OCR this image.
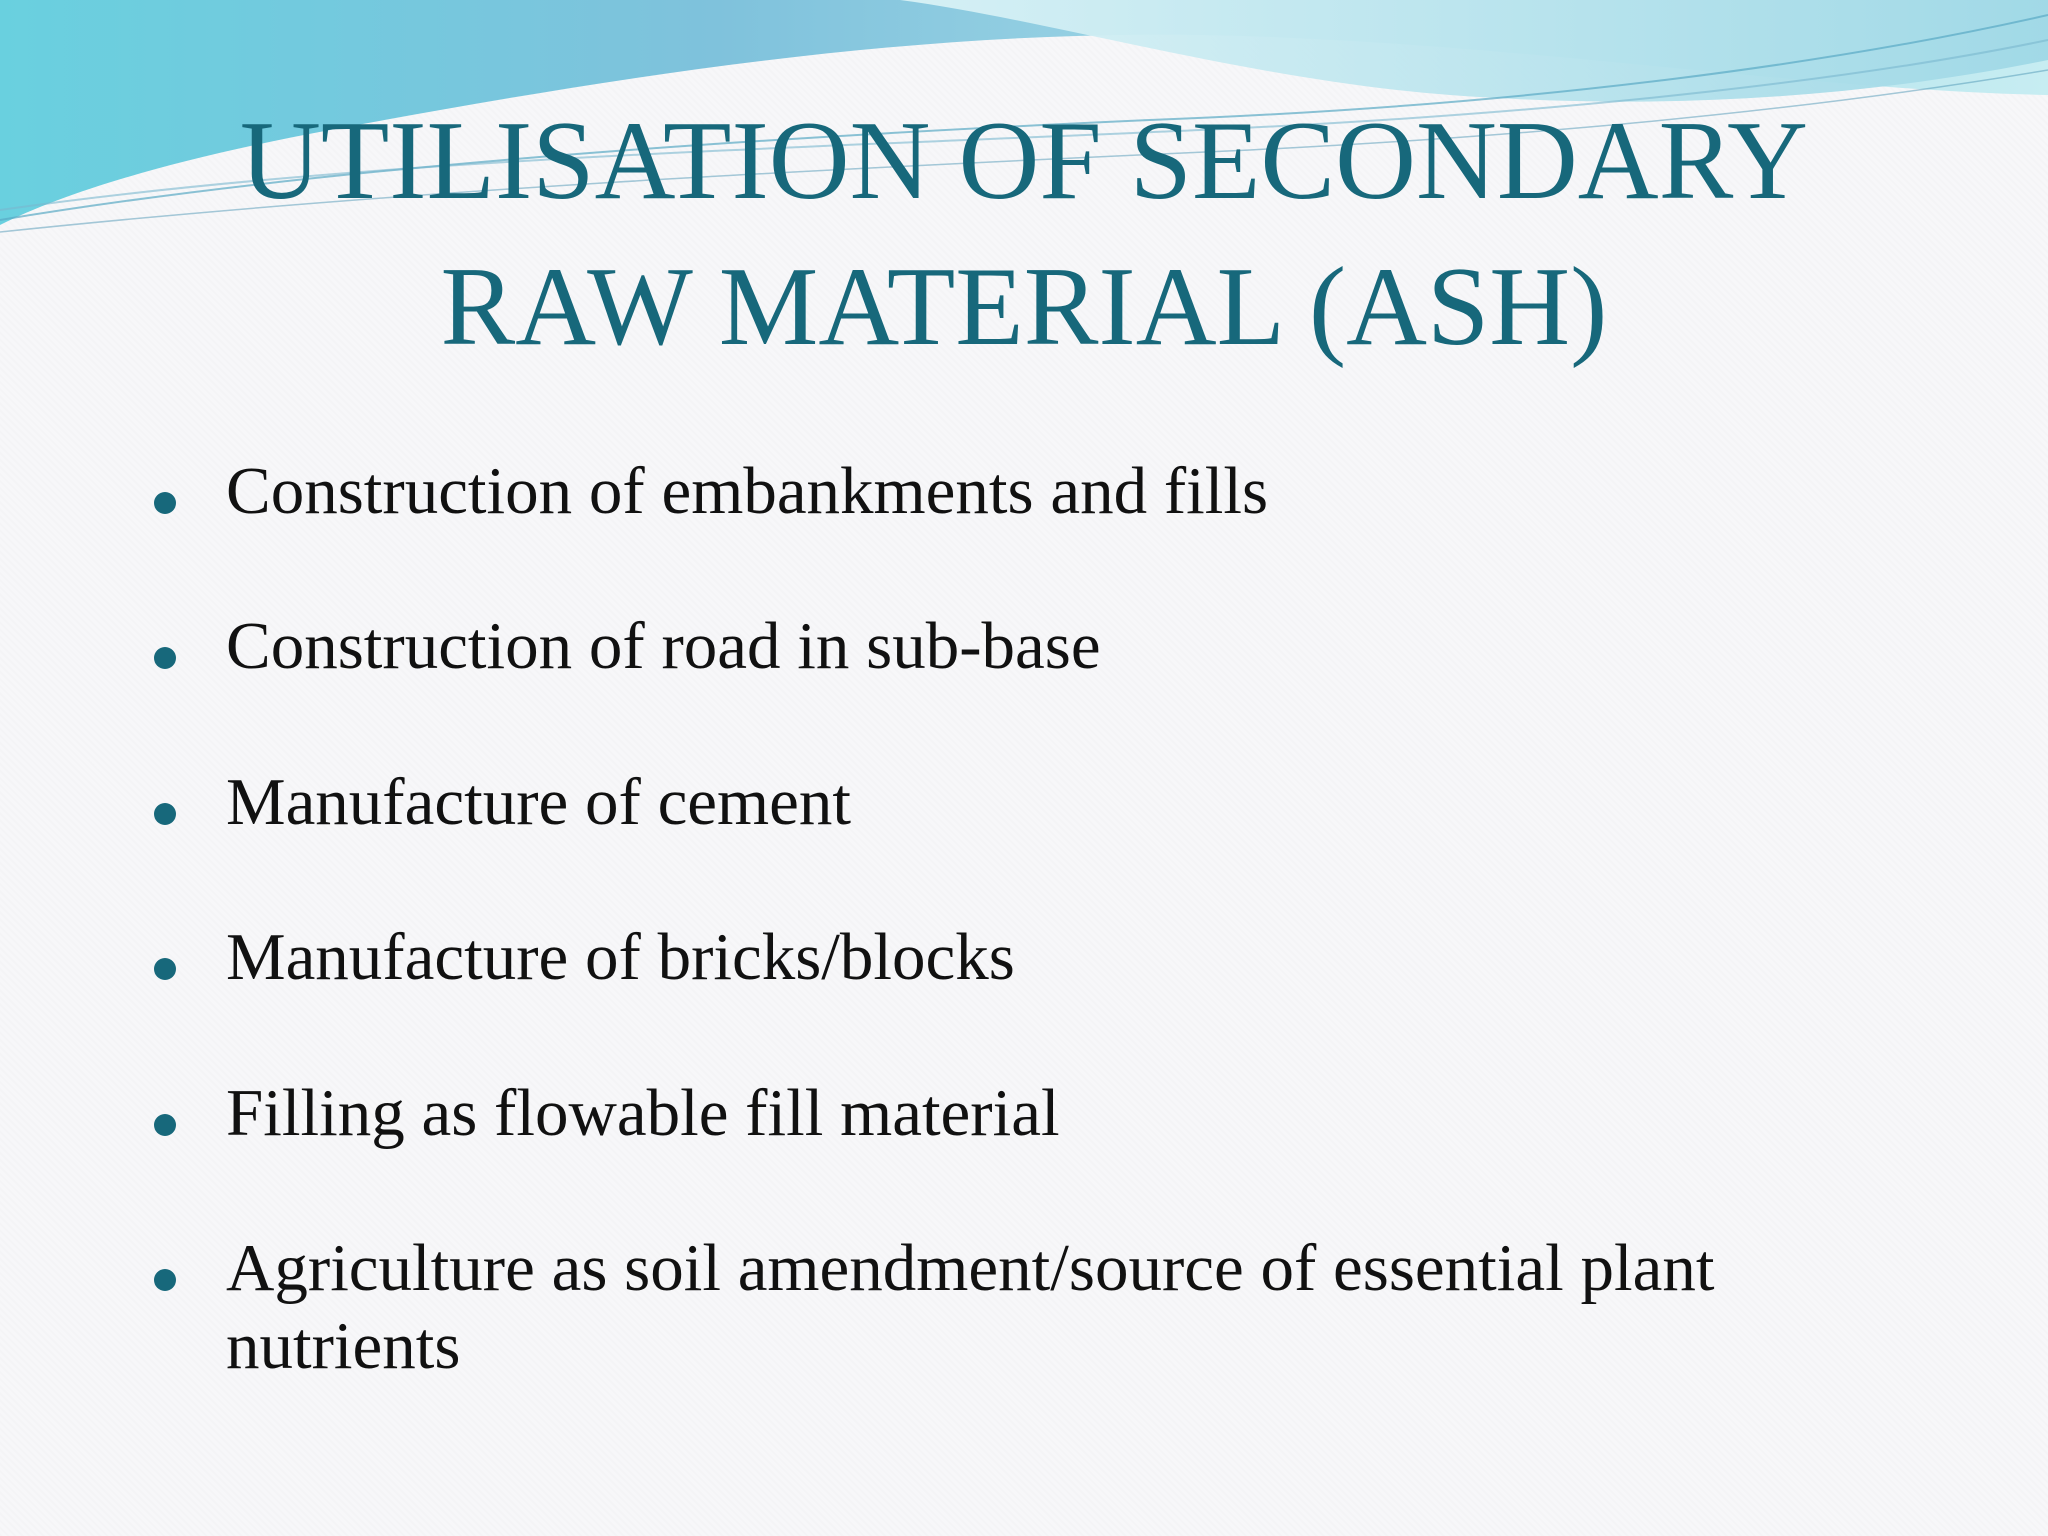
UTILISATION OF SECONDARY
RAW MATERIAL (ASH)
Construction of embankments and fills
Construction of road in sub-base
Manufacture of cement
Manufacture of bricks/blocks
Filling as flowable fill material
Agriculture as soil amendment/source of essential plant nutrients
